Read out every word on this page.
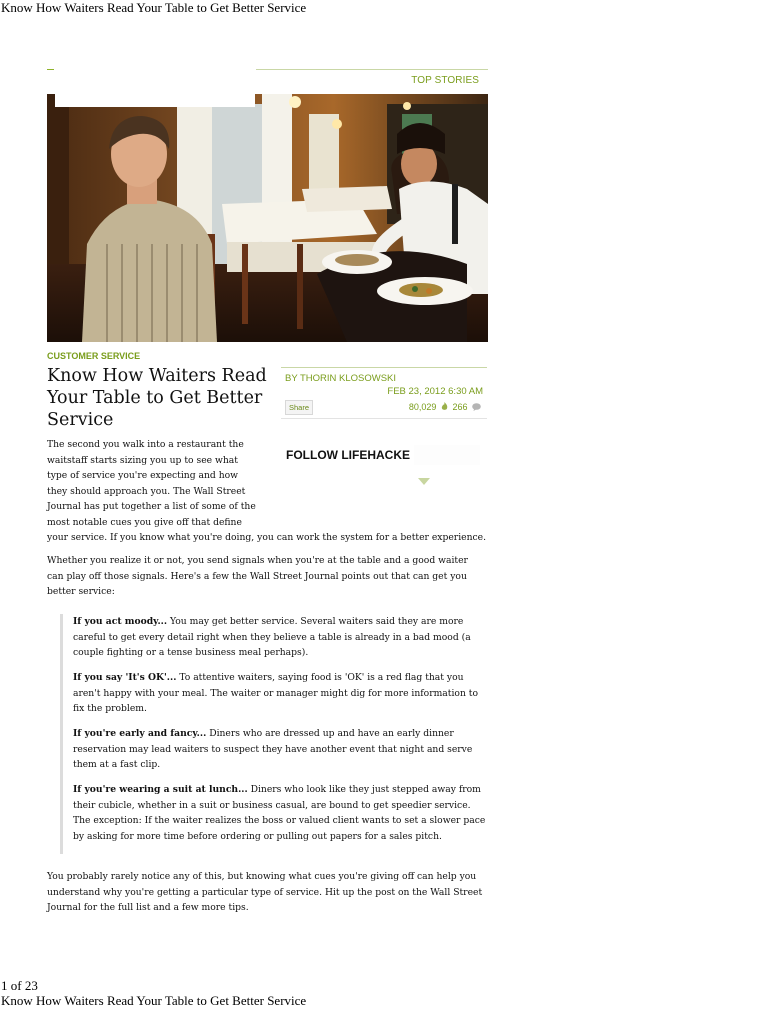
Know How Waiters Read Your Table to Get Better Service
TOP STORIES
CUSTOMER SERVICE
Know How Waiters Read Your Table to Get Better Service
BY THORIN KLOSOWSKI
FEB 23, 2012 6:30 AM
Share	80,029 266
FOLLOW LIFEHACKE

The second you walk into a restaurant the waitstaff starts sizing you up to see what type of service you're expecting and how they should approach you. The Wall Street Journal has put together a list of some of the most notable cues you give off that define
your service. If you know what you're doing, you can work the system for a better experience.

Whether you realize it or not, you send signals when you're at the table and a good waiter can play off those signals. Here's a few the Wall Street Journal points out that can get you better service:

If you act moody... You may get better service. Several waiters said they are more careful to get every detail right when they believe a table is already in a bad mood (a couple fighting or a tense business meal perhaps).

If you say 'It's OK'... To attentive waiters, saying food is 'OK' is a red flag that you aren't happy with your meal. The waiter or manager might dig for more information to fix the problem.

If you're early and fancy... Diners who are dressed up and have an early dinner reservation may lead waiters to suspect they have another event that night and serve them at a fast clip.

If you're wearing a suit at lunch... Diners who look like they just stepped away from their cubicle, whether in a suit or business casual, are bound to get speedier service. The exception: If the waiter realizes the boss or valued client wants to set a slower pace by asking for more time before ordering or pulling out papers for a sales pitch.

You probably rarely notice any of this, but knowing what cues you're giving off can help you understand why you're getting a particular type of service. Hit up the post on the Wall Street Journal for the full list and a few more tips.

1 of 23
Know How Waiters Read Your Table to Get Better Service
